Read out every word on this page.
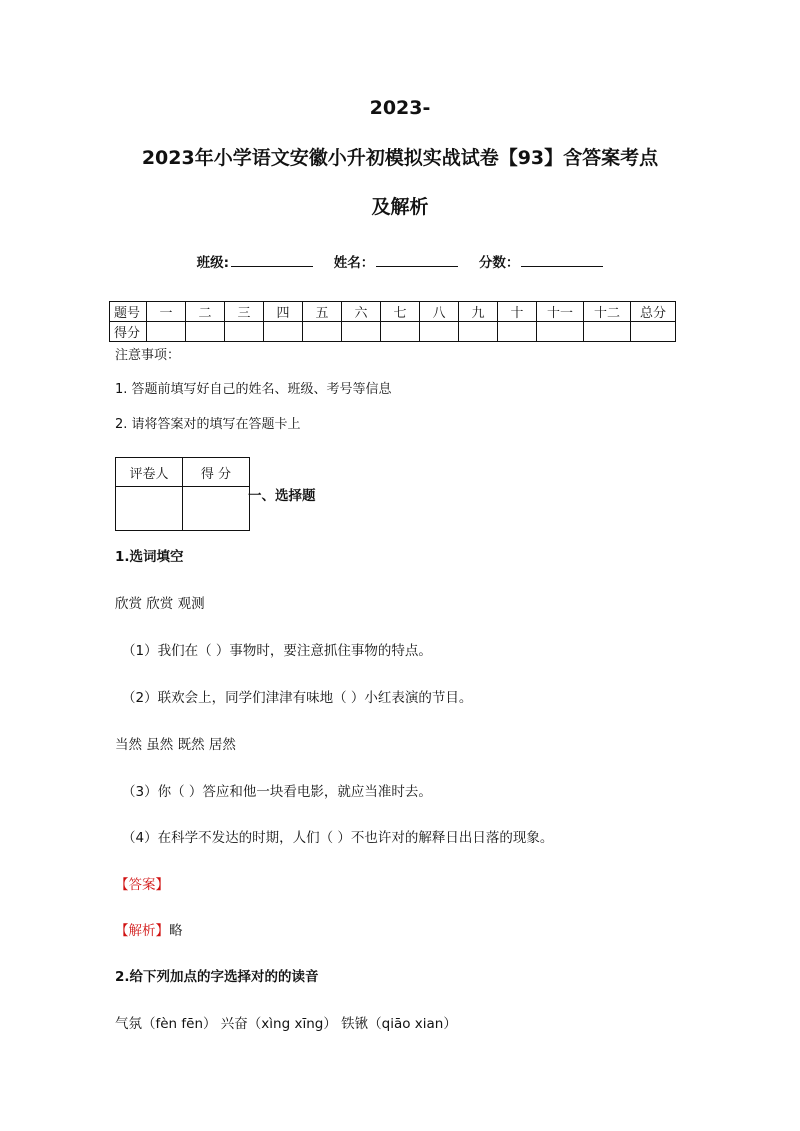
2023-
2023年小学语文安徽小升初模拟实战试卷【93】含答案考点
及解析
班级:	姓名：	分数：
题号	一	二	三	四	五	六	七	八	九	十	十一	十二	总分
得分													
注意事项：
1. 答题前填写好自己的姓名、班级、考号等信息
2. 请将答案对的填写在答题卡上
评卷人	得 分

一、选择题
1.选词填空
欣赏 欣赏 观测
（1）我们在（ ）事物时，要注意抓住事物的特点。
（2）联欢会上，同学们津津有味地（ ）小红表演的节目。
当然 虽然 既然 居然
（3）你（ ）答应和他一块看电影，就应当准时去。
（4）在科学不发达的时期，人们（ ）不也许对的解释日出日落的现象。
【答案】
【解析】略
2.给下列加点的字选择对的的读音
气氛（fèn fēn） 兴奋（xìng xīng） 铁锹（qiāo xian）
